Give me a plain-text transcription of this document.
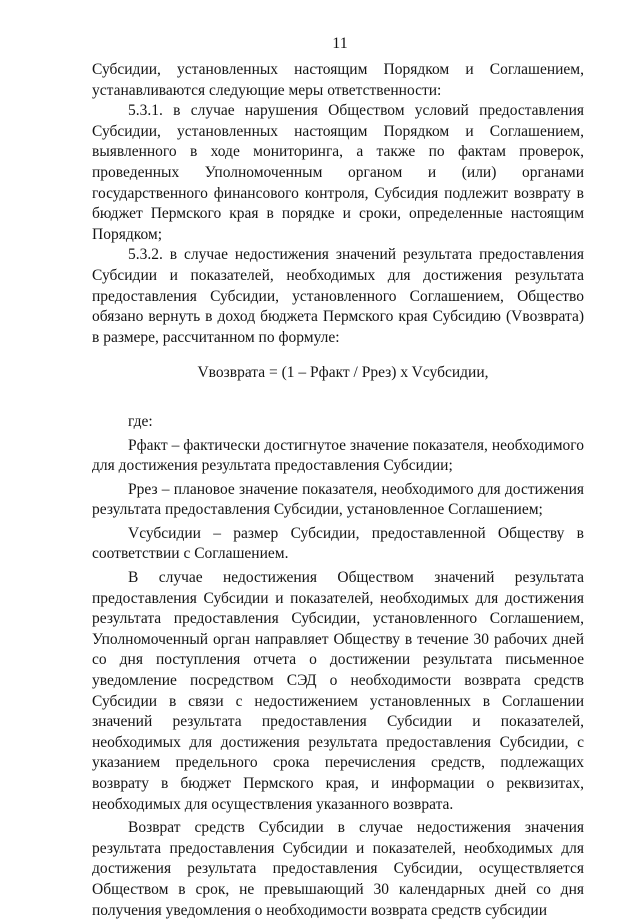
11

Субсидии, установленных настоящим Порядком и Соглашением, устанавливаются следующие меры ответственности:

5.3.1. в случае нарушения Обществом условий предоставления Субсидии, установленных настоящим Порядком и Соглашением, выявленного в ходе мониторинга, а также по фактам проверок, проведенных Уполномоченным органом и (или) органами государственного финансового контроля, Субсидия подлежит возврату в бюджет Пермского края в порядке и сроки, определенные настоящим Порядком;

5.3.2. в случае недостижения значений результата предоставления Субсидии и показателей, необходимых для достижения результата предоставления Субсидии, установленного Соглашением, Общество обязано вернуть в доход бюджета Пермского края Субсидию (Vвозврата) в размере, рассчитанном по формуле:

Vвозврата = (1 – Рфакт / Рpез) x Vсубсидии,

где:

Рфакт – фактически достигнутое значение показателя, необходимого для достижения результата предоставления Субсидии;

Рpез – плановое значение показателя, необходимого для достижения результата предоставления Субсидии, установленное Соглашением;

Vсубсидии – размер Субсидии, предоставленной Обществу в соответствии с Соглашением.

В случае недостижения Обществом значений результата предоставления Субсидии и показателей, необходимых для достижения результата предоставления Субсидии, установленного Соглашением, Уполномоченный орган направляет Обществу в течение 30 рабочих дней со дня поступления отчета о достижении результата письменное уведомление посредством СЭД о необходимости возврата средств Субсидии в связи с недостижением установленных в Соглашении значений результата предоставления Субсидии и показателей, необходимых для достижения результата предоставления Субсидии, с указанием предельного срока перечисления средств, подлежащих возврату в бюджет Пермского края, и информации о реквизитах, необходимых для осуществления указанного возврата.

Возврат средств Субсидии в случае недостижения значения результата предоставления Субсидии и показателей, необходимых для достижения результата предоставления Субсидии, осуществляется Обществом в срок, не превышающий 30 календарных дней со дня получения уведомления о необходимости возврата средств субсидии
